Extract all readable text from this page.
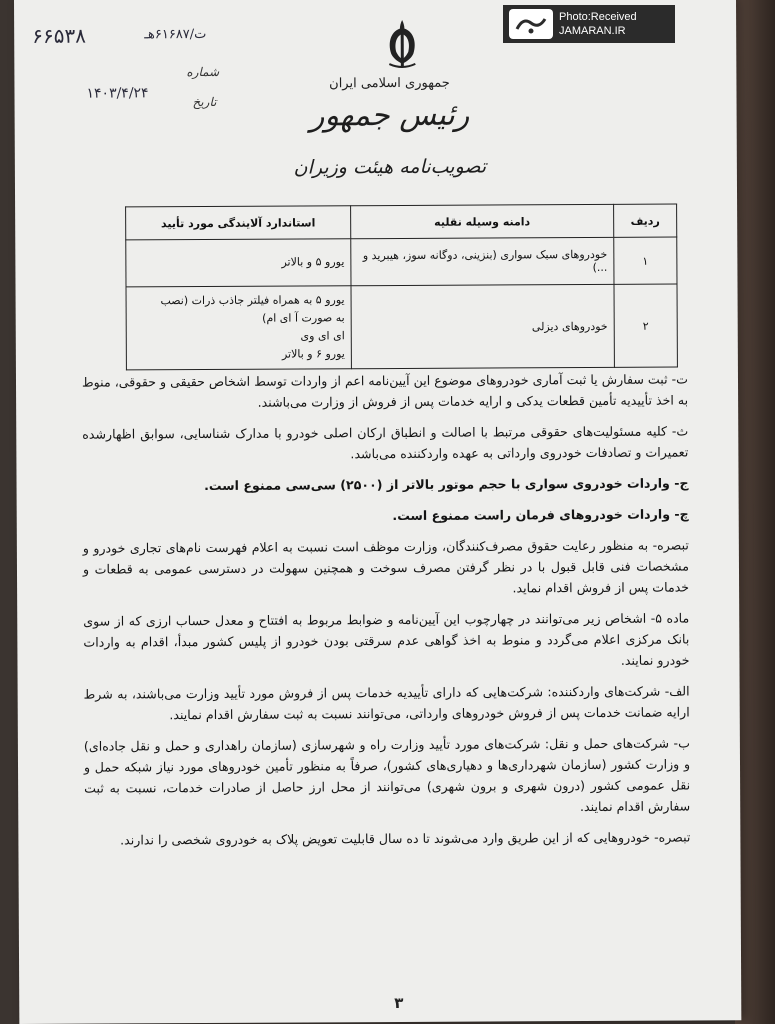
۶۶۵۳۸	ت/۶۱۶۸۷هـ
شماره
تاریخ
۱۴۰۳/۴/۲۴
جمهوری اسلامی ایران
رئیس جمهور
تصویب‌نامه هیئت وزیران
ردیف	دامنه وسیله نقلیه	استاندارد آلایندگی مورد تأیید
۱	خودروهای سبک سواری (بنزینی، دوگانه سوز، هیبرید و ...)	یورو ۵ و بالاتر

۲	خودروهای دیزلی	یورو ۵ به همراه فیلتر جاذب ذرات (نصب
به صورت آ ای ام)
ای ای وی
یورو ۶ و بالاتر

ت- ثبت سفارش یا ثبت آماری خودروهای موضوع این آیین‌نامه اعم از واردات توسط اشخاص حقیقی و حقوقی، منوط به اخذ تأییدیه تأمین قطعات یدکی و ارایه خدمات پس از فروش از وزارت می‌باشند.

ث- کلیه مسئولیت‌های حقوقی مرتبط با اصالت و انطباق ارکان اصلی خودرو با مدارک شناسایی، سوابق اظهارشده تعمیرات و تصادفات خودروی وارداتی به عهده واردکننده می‌باشد.

ج- واردات خودروی سواری با حجم موتور بالاتر از (۲۵۰۰) سی‌سی ممنوع است.

چ- واردات خودروهای فرمان راست ممنوع است.

تبصره- به منظور رعایت حقوق مصرف‌کنندگان، وزارت موظف است نسبت به اعلام فهرست نام‌های تجاری خودرو و مشخصات فنی قابل قبول با در نظر گرفتن مصرف سوخت و همچنین سهولت در دسترسی عمومی به قطعات و خدمات پس از فروش اقدام نماید.

ماده ۵- اشخاص زیر می‌توانند در چهارچوب این آیین‌نامه و ضوابط مربوط به افتتاح و معدل حساب ارزی که از سوی بانک مرکزی اعلام می‌گردد و منوط به اخذ گواهی عدم سرقتی بودن خودرو از پلیس کشور مبدأ، اقدام به واردات خودرو نمایند.

الف- شرکت‌های واردکننده: شرکت‌هایی که دارای تأییدیه خدمات پس از فروش مورد تأیید وزارت می‌باشند، به شرط ارایه ضمانت خدمات پس از فروش خودروهای وارداتی، می‌توانند نسبت به ثبت سفارش اقدام نمایند.

ب- شرکت‌های حمل و نقل: شرکت‌های مورد تأیید وزارت راه و شهرسازی (سازمان راهداری و حمل و نقل جاده‌ای) و وزارت کشور (سازمان شهرداری‌ها و دهیاری‌های کشور)، صرفاً به منظور تأمین خودروهای مورد نیاز شبکه حمل و نقل عمومی کشور (درون شهری و برون شهری) می‌توانند از محل ارز حاصل از صادرات خدمات، نسبت به ثبت سفارش اقدام نمایند.

تبصره- خودروهایی که از این طریق وارد می‌شوند تا ده سال قابلیت تعویض پلاک به خودروی شخصی را ندارند.

۳
Photo:Received
JAMARAN.IR
